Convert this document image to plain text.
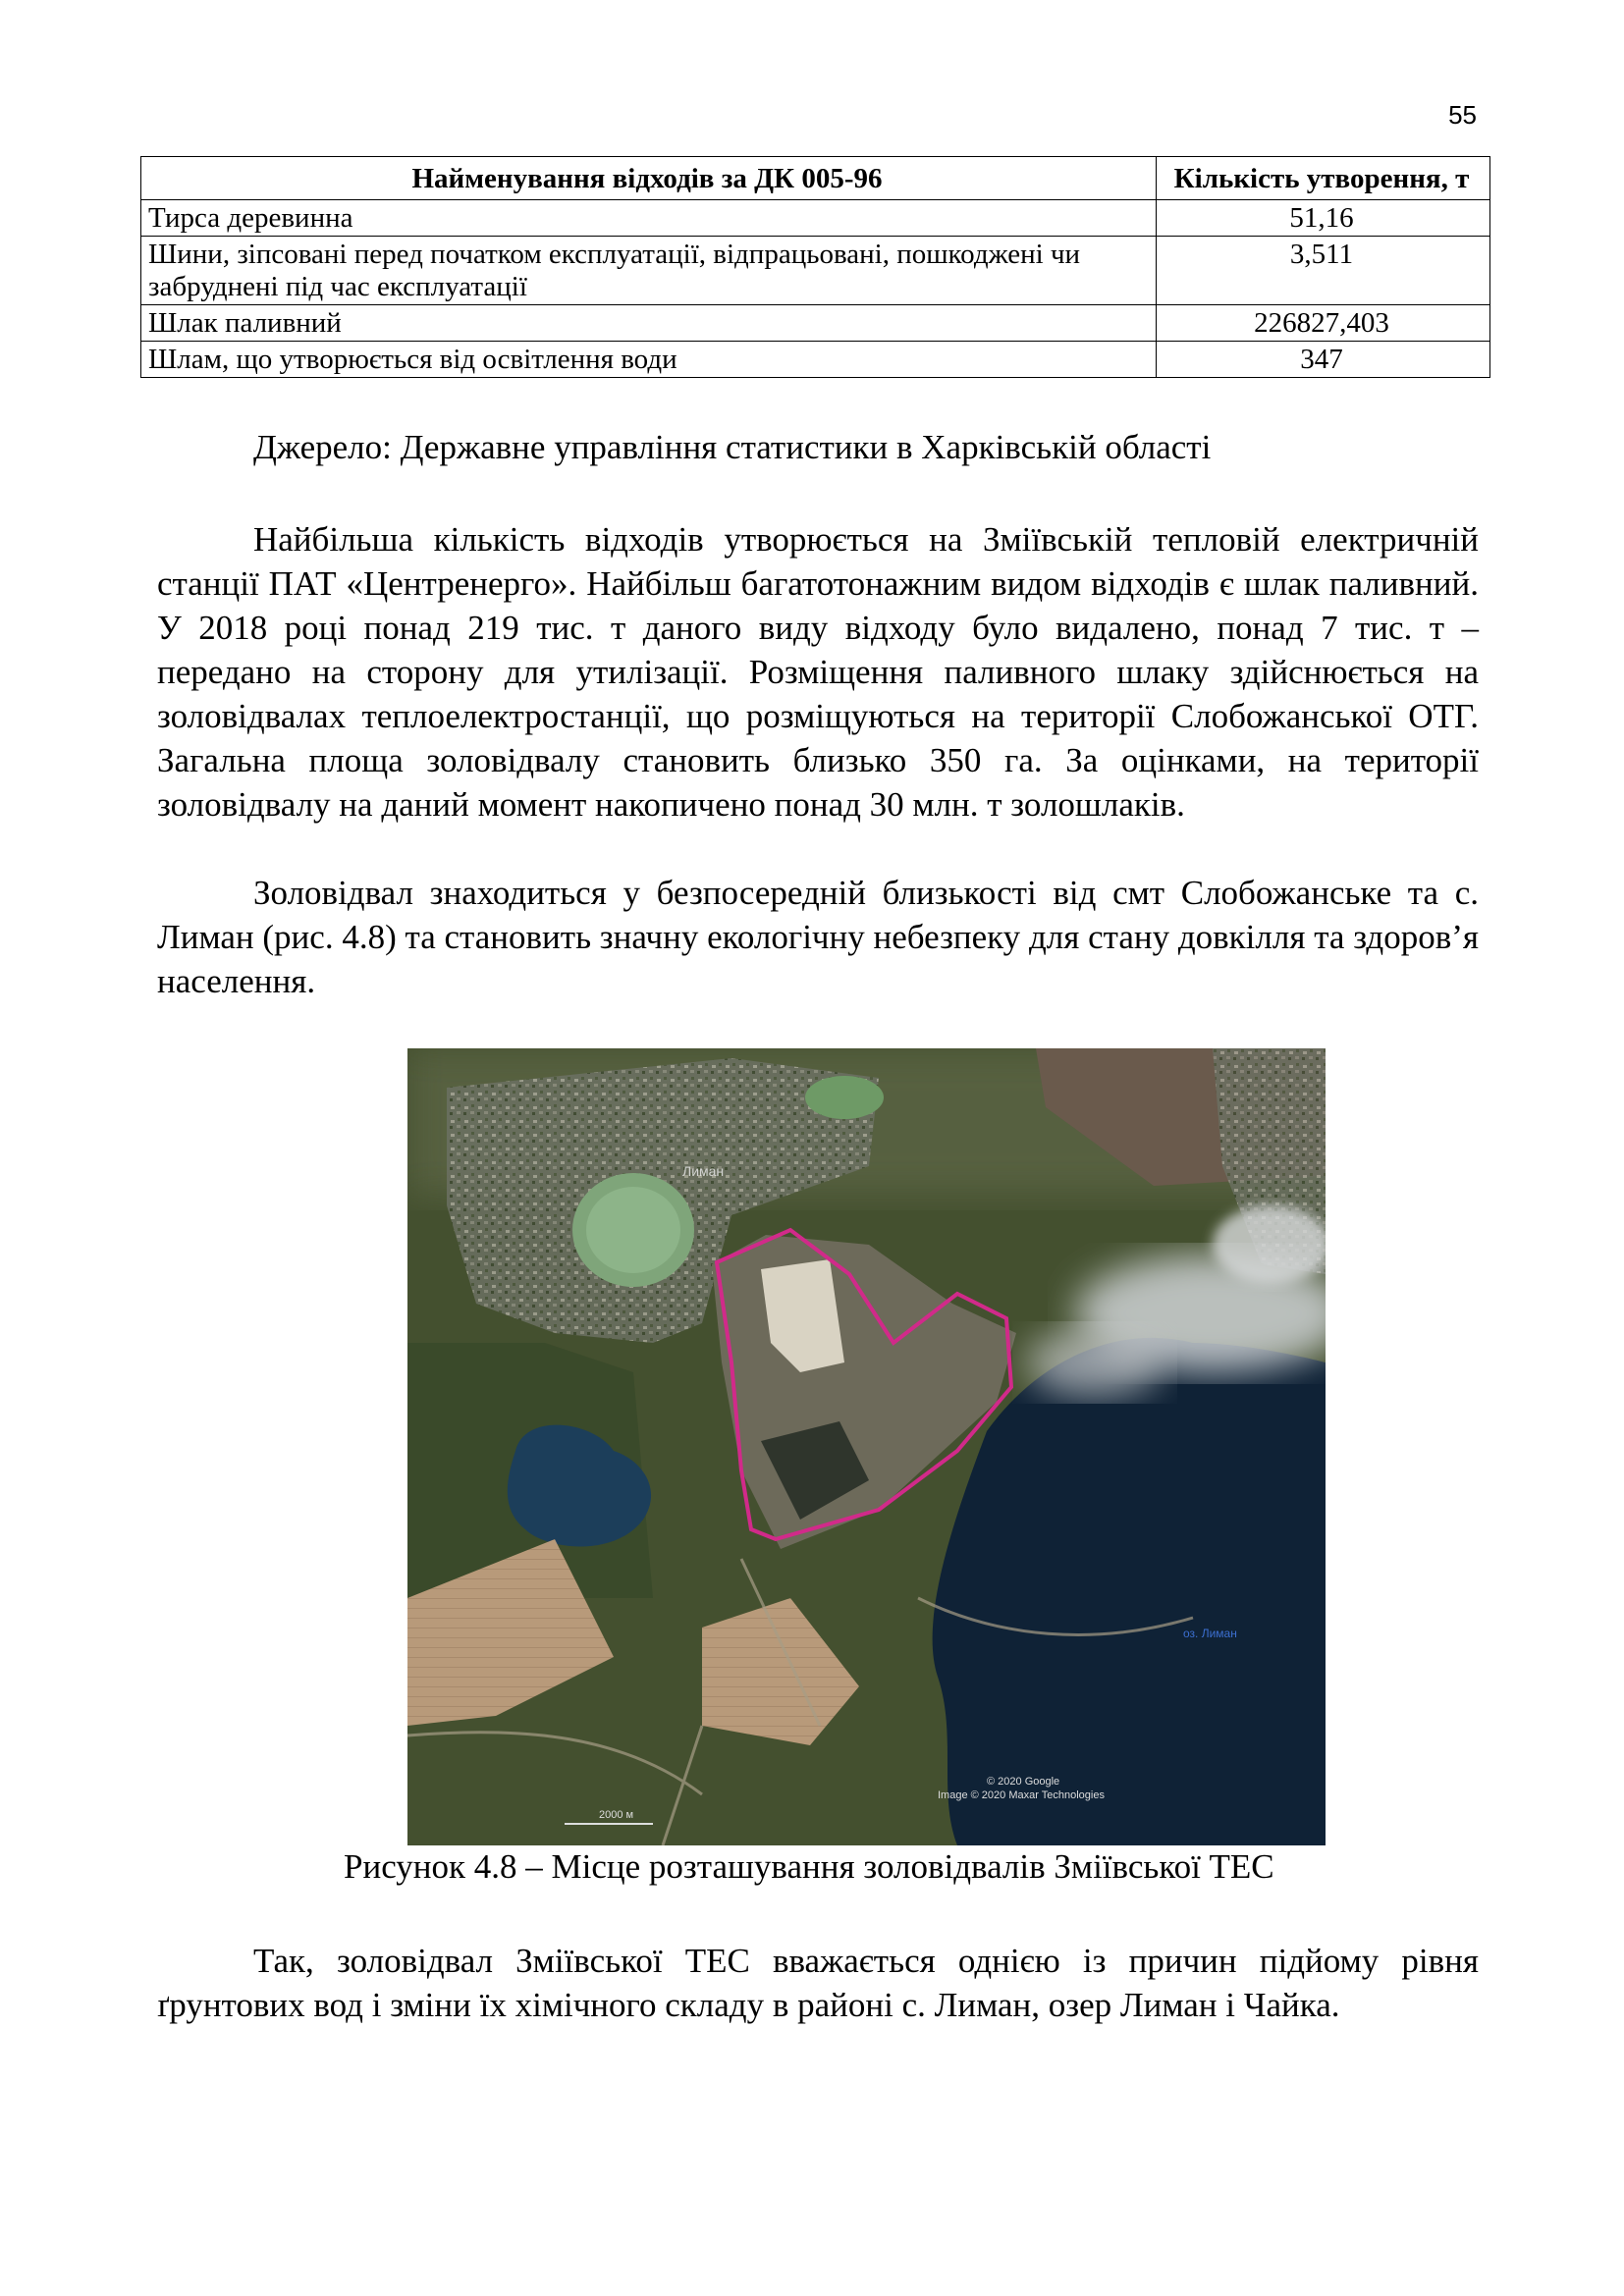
55
Найменування відходів за ДК 005-96	Кількість утворення, т
Тирса деревинна	51,16
Шини, зіпсовані перед початком експлуатації, відпрацьовані, пошкоджені чи забруднені під час експлуатації	3,511
Шлак паливний	226827,403
Шлам, що утворюється від освітлення води	347
Джерело: Державне управління статистики в Харківській області

Найбільша кількість відходів утворюється на Зміївській тепловій електричній станції ПАТ «Центренерго». Найбільш багатотонажним видом відходів є шлак паливний. У 2018 році понад 219 тис. т даного виду відходу було видалено, понад 7 тис. т – передано на сторону для утилізації. Розміщення паливного шлаку здійснюється на золовідвалах теплоелектростанції, що розміщуються на території Слобожанської ОТГ. Загальна площа золовідвалу становить близько 350 га. За оцінками, на території золовідвалу на даний момент накопичено понад 30 млн. т золошлаків.

Золовідвал знаходиться у безпосередній близькості від смт Слобожанське та с. Лиман (рис. 4.8) та становить значну екологічну небезпеку для стану довкілля та здоров’я населення.

Лиман
оз. Лиман
© 2020 Google
Image © 2020 Maxar Technologies
2000 м
Рисунок 4.8 – Місце розташування золовідвалів Зміївської ТЕС

Так, золовідвал Зміївської ТЕС вважається однією із причин підйому рівня ґрунтових вод і зміни їх хімічного складу в районі с. Лиман, озер Лиман і Чайка.
